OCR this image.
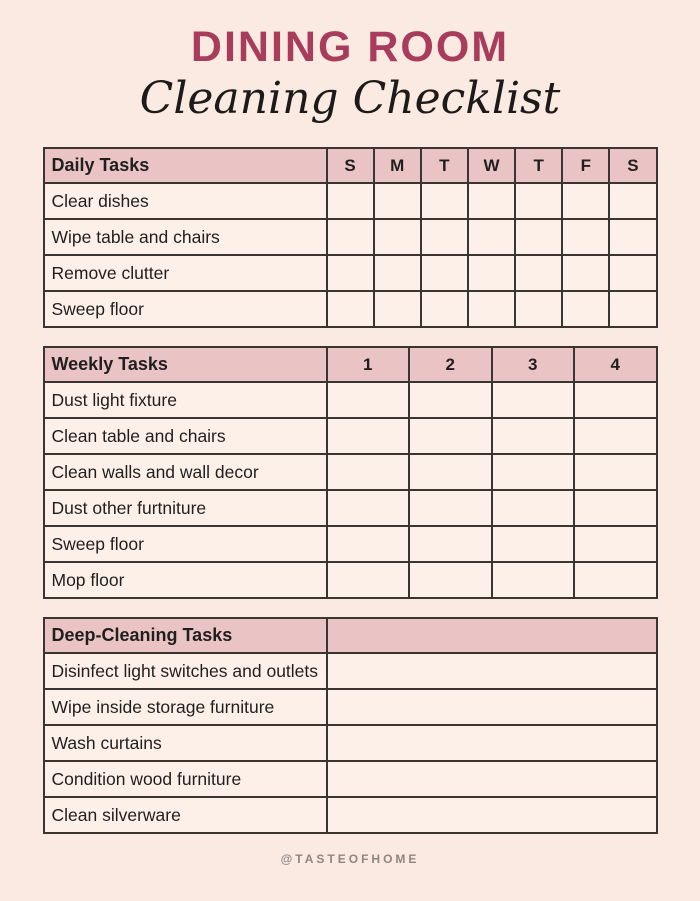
DINING ROOM
Cleaning Checklist
Daily Tasks	S	M	T	W	T	F	S
Clear dishes							
Wipe table and chairs							
Remove clutter							
Sweep floor							
Weekly Tasks	1	2	3	4
Dust light fixture				
Clean table and chairs				
Clean walls and wall decor				
Dust other furtniture				
Sweep floor				
Mop floor				
Deep-Cleaning Tasks	
Disinfect light switches and outlets	
Wipe inside storage furniture	
Wash curtains	
Condition wood furniture	
Clean silverware	
@TASTEOFHOME
